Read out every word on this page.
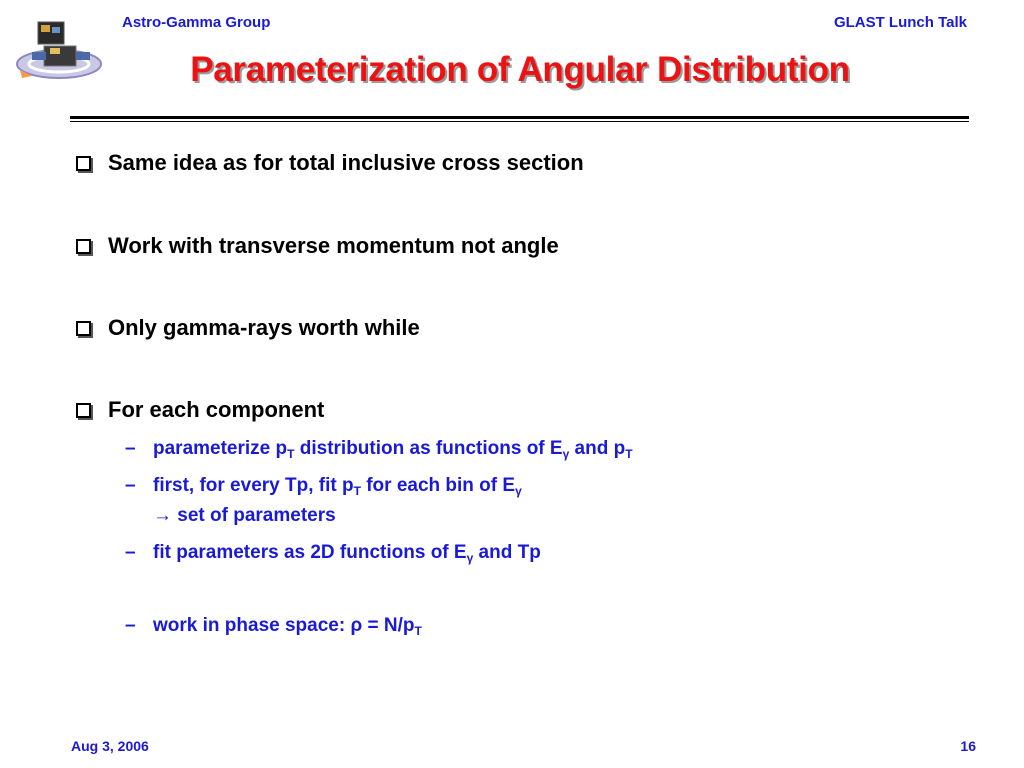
Astro-Gamma Group	GLAST Lunch Talk
Parameterization of Angular Distribution
Same idea as for total inclusive cross section
Work with transverse momentum not angle
Only gamma-rays worth while
For each component
– parameterize $p_T$ distribution as functions of $E_\gamma$ and $p_T$
– first, for every Tp, fit $p_T$ for each bin of $E_\gamma$
→ set of parameters
– fit parameters as 2D functions of $E_\gamma$ and Tp
– work in phase space: $\rho = N/p_T$
Aug 3, 2006	16
